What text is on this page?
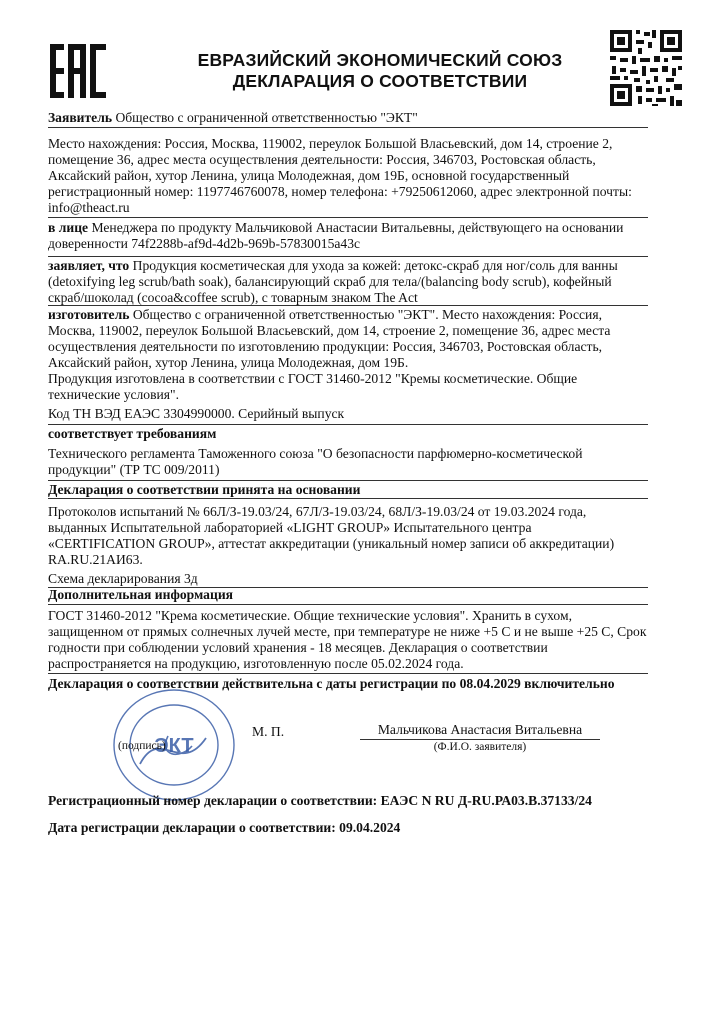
ЕВРАЗИЙСКИЙ ЭКОНОМИЧЕСКИЙ СОЮЗ
ДЕКЛАРАЦИЯ О СООТВЕТСТВИИ
Заявитель Общество с ограниченной ответственностью "ЭКТ"
Место нахождения: Россия, Москва, 119002, переулок Большой Власьевский, дом 14, строение 2,
помещение 36, адрес места осуществления деятельности: Россия, 346703, Ростовская область,
Аксайский район, хутор Ленина, улица Молодежная, дом 19Б, основной государственный
регистрационный номер: 1197746760078, номер телефона: +79250612060, адрес электронной почты:
info@theact.ru
в лице Менеджера по продукту Мальчиковой Анастасии Витальевны, действующего на основании
доверенности 74f2288b-af9d-4d2b-969b-57830015a43c
заявляет, что Продукция косметическая для ухода за кожей: детокс-скраб для ног/соль для ванны
(detoxifying leg scrub/bath soak), балансирующий скраб для тела/(balancing body scrub), кофейный
скраб/шоколад (cocoa&coffee scrub), с товарным знаком The Act
изготовитель Общество с ограниченной ответственностью "ЭКТ". Место нахождения: Россия,
Москва, 119002, переулок Большой Власьевский, дом 14, строение 2, помещение 36, адрес места
осуществления деятельности по изготовлению продукции: Россия, 346703, Ростовская область,
Аксайский район, хутор Ленина, улица Молодежная, дом 19Б.
Продукция изготовлена в соответствии с ГОСТ 31460-2012 "Кремы косметические. Общие
технические условия".
Код ТН ВЭД ЕАЭС 3304990000. Серийный выпуск
соответствует требованиям
Технического регламента Таможенного союза "О безопасности парфюмерно-косметической
продукции" (ТР ТС 009/2011)
Декларация о соответствии принята на основании
Протоколов испытаний № 66Л/З-19.03/24, 67Л/З-19.03/24, 68Л/З-19.03/24 от 19.03.2024 года,
выданных Испытательной лабораторией «LIGHT GROUP» Испытательного центра
«CERTIFICATION GROUP», аттестат аккредитации (уникальный номер записи об аккредитации)
RA.RU.21АИ63.
Схема декларирования 3д
Дополнительная информация
ГОСТ 31460-2012 "Крема косметические. Общие технические условия". Хранить в сухом,
защищенном от прямых солнечных лучей месте, при температуре не ниже +5 С и не выше +25 С, Срок
годности при соблюдении условий хранения - 18 месяцев. Декларация о соответствии
распространяется на продукцию, изготовленную после 05.02.2024 года.
Декларация о соответствии действительна с даты регистрации по 08.04.2029 включительно
ЭКТ
(подпись)
М. П.	Мальчикова Анастасия Витальевна
(Ф.И.О. заявителя)
Регистрационный номер декларации о соответствии: ЕАЭС N RU Д-RU.РА03.В.37133/24
Дата регистрации декларации о соответствии: 09.04.2024
